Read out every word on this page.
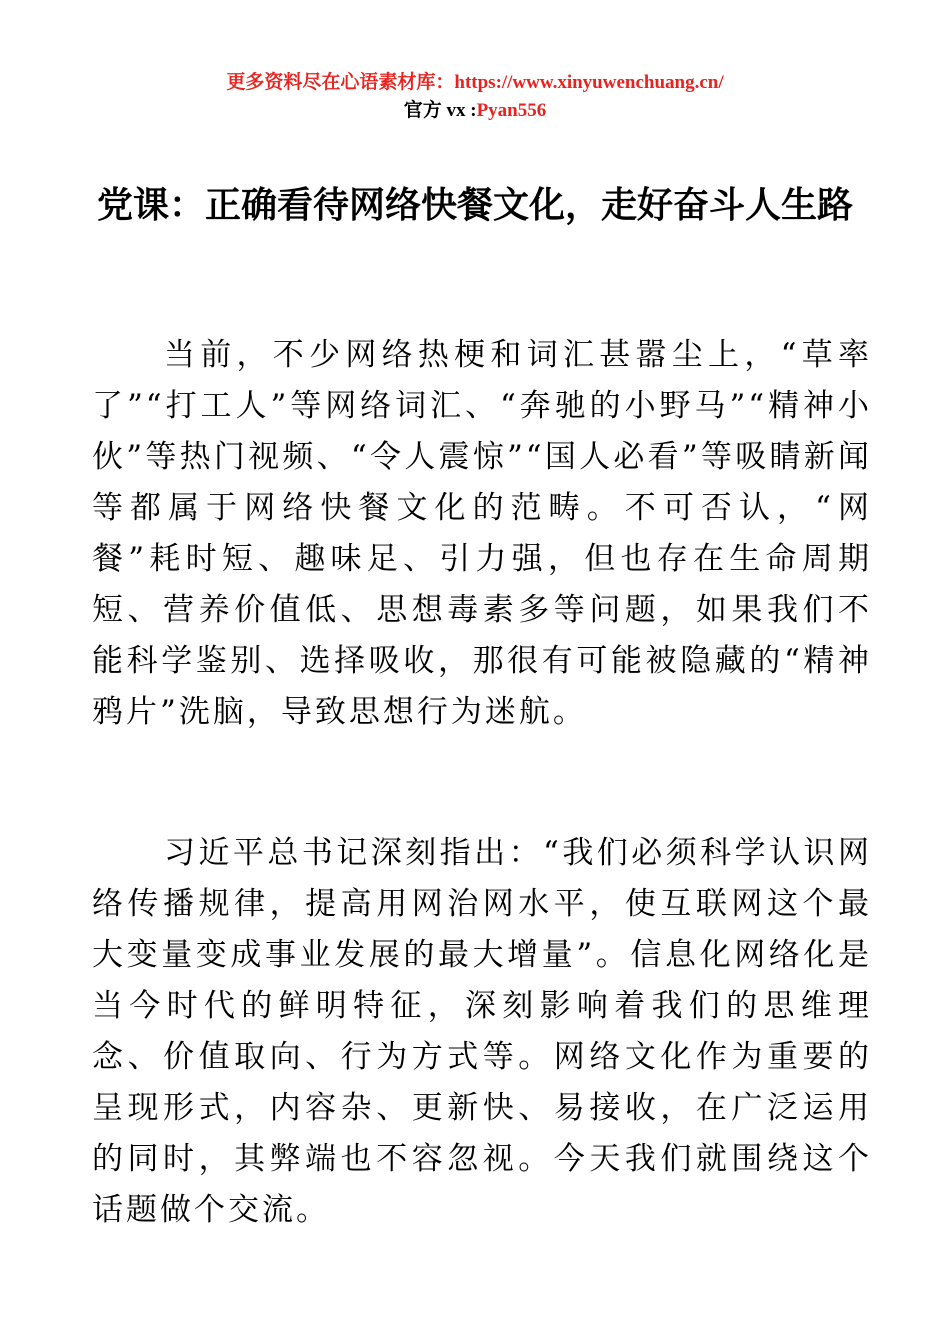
更多资料尽在心语素材库：https://www.xinyuwenchuang.cn/
官方 vx :Pyan556
党课：正确看待网络快餐文化，走好奋斗人生路
当前，不少网络热梗和词汇甚嚣尘上，“草率了”“打工人”等网络词汇、“奔驰的小野马”“精神小伙”等热门视频、“令人震惊”“国人必看”等吸睛新闻等都属于网络快餐文化的范畴。不可否认，“网餐”耗时短、趣味足、引力强，但也存在生命周期短、营养价值低、思想毒素多等问题，如果我们不能科学鉴别、选择吸收，那很有可能被隐藏的“精神鸦片”洗脑，导致思想行为迷航。
习近平总书记深刻指出：“我们必须科学认识网络传播规律，提高用网治网水平，使互联网这个最大变量变成事业发展的最大增量”。信息化网络化是当今时代的鲜明特征，深刻影响着我们的思维理念、价值取向、行为方式等。网络文化作为重要的呈现形式，内容杂、更新快、易接收，在广泛运用的同时，其弊端也不容忽视。今天我们就围绕这个话题做个交流。
